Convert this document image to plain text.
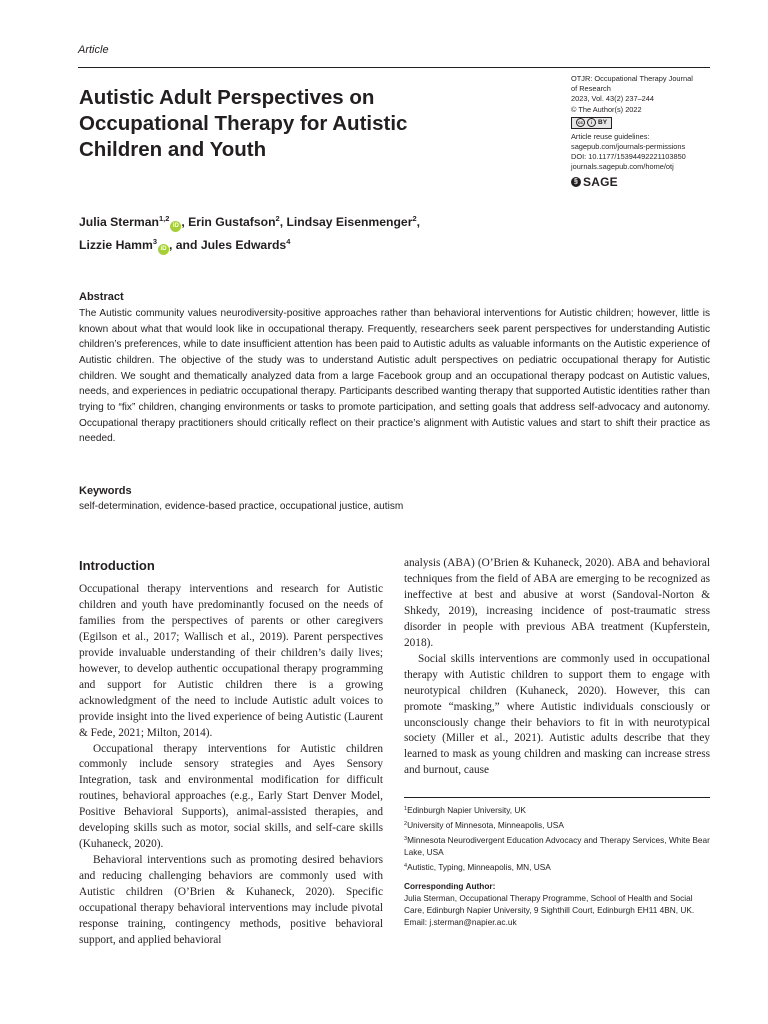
Article
Autistic Adult Perspectives on Occupational Therapy for Autistic Children and Youth
OTJR: Occupational Therapy Journal
of Research
2023, Vol. 43(2) 237–244
© The Author(s) 2022
cc	i BY
Article reuse guidelines:
sagepub.com/journals-permissions
DOI: 10.1177/15394492221103850
journals.sagepub.com/home/otj
§ SAGE
Julia Sterman$^{1,2}$iD , Erin Gustafson$^2$, Lindsay Eisenmenger$^2$,
Lizzie Hamm$^3$iD , and Jules Edwards$^4$
Abstract
The Autistic community values neurodiversity-positive approaches rather than behavioral interventions for Autistic children; however, little is known about what that would look like in occupational therapy. Frequently, researchers seek parent perspectives for understanding Autistic children’s preferences, while to date insufficient attention has been paid to Autistic adults as valuable informants on the Autistic experience of Autistic children. The objective of the study was to understand Autistic adult perspectives on pediatric occupational therapy for Autistic children. We sought and thematically analyzed data from a large Facebook group and an occupational therapy podcast on Autistic values, needs, and experiences in pediatric occupational therapy. Participants described wanting therapy that supported Autistic identities rather than trying to “fix” children, changing environments or tasks to promote participation, and setting goals that address self-advocacy and autonomy. Occupational therapy practitioners should critically reflect on their practice’s alignment with Autistic values and start to shift their practice as needed.
Keywords
self-determination, evidence-based practice, occupational justice, autism
Introduction

Occupational therapy interventions and research for Autistic children and youth have predominantly focused on the needs of families from the perspectives of parents or other caregivers (Egilson et al., 2017; Wallisch et al., 2019). Parent perspectives provide invaluable understanding of their children’s daily lives; however, to develop authentic occupational therapy programming and support for Autistic children there is a growing acknowledgment of the need to include Autistic adult voices to provide insight into the lived experience of being Autistic (Laurent & Fede, 2021; Milton, 2014).

Occupational therapy interventions for Autistic children commonly include sensory strategies and Ayes Sensory Integration, task and environmental modification for difficult routines, behavioral approaches (e.g., Early Start Denver Model, Positive Behavioral Supports), animal-assisted therapies, and developing skills such as motor, social skills, and self-care skills (Kuhaneck, 2020).

Behavioral interventions such as promoting desired behaviors and reducing challenging behaviors are commonly used with Autistic children (O’Brien & Kuhaneck, 2020). Specific occupational therapy behavioral interventions may include pivotal response training, contingency methods, positive behavioral support, and applied behavioral

analysis (ABA) (O’Brien & Kuhaneck, 2020). ABA and behavioral techniques from the field of ABA are emerging to be recognized as ineffective at best and abusive at worst (Sandoval-Norton & Shkedy, 2019), increasing incidence of post-traumatic stress disorder in people with previous ABA treatment (Kupferstein, 2018).

Social skills interventions are commonly used in occupational therapy with Autistic children to support them to engage with neurotypical children (Kuhaneck, 2020). However, this can promote “masking,” where Autistic individuals consciously or unconsciously change their behaviors to fit in with neurotypical society (Miller et al., 2021). Autistic adults describe that they learned to mask as young children and masking can increase stress and burnout, cause

$^1$Edinburgh Napier University, UK
$^2$University of Minnesota, Minneapolis, USA
$^3$Minnesota Neurodivergent Education Advocacy and Therapy Services, White Bear Lake, USA
$^4$Autistic, Typing, Minneapolis, MN, USA
Corresponding Author:
Julia Sterman, Occupational Therapy Programme, School of Health and Social Care, Edinburgh Napier University, 9 Sighthill Court, Edinburgh EH11 4BN, UK.
Email: j.sterman@napier.ac.uk
